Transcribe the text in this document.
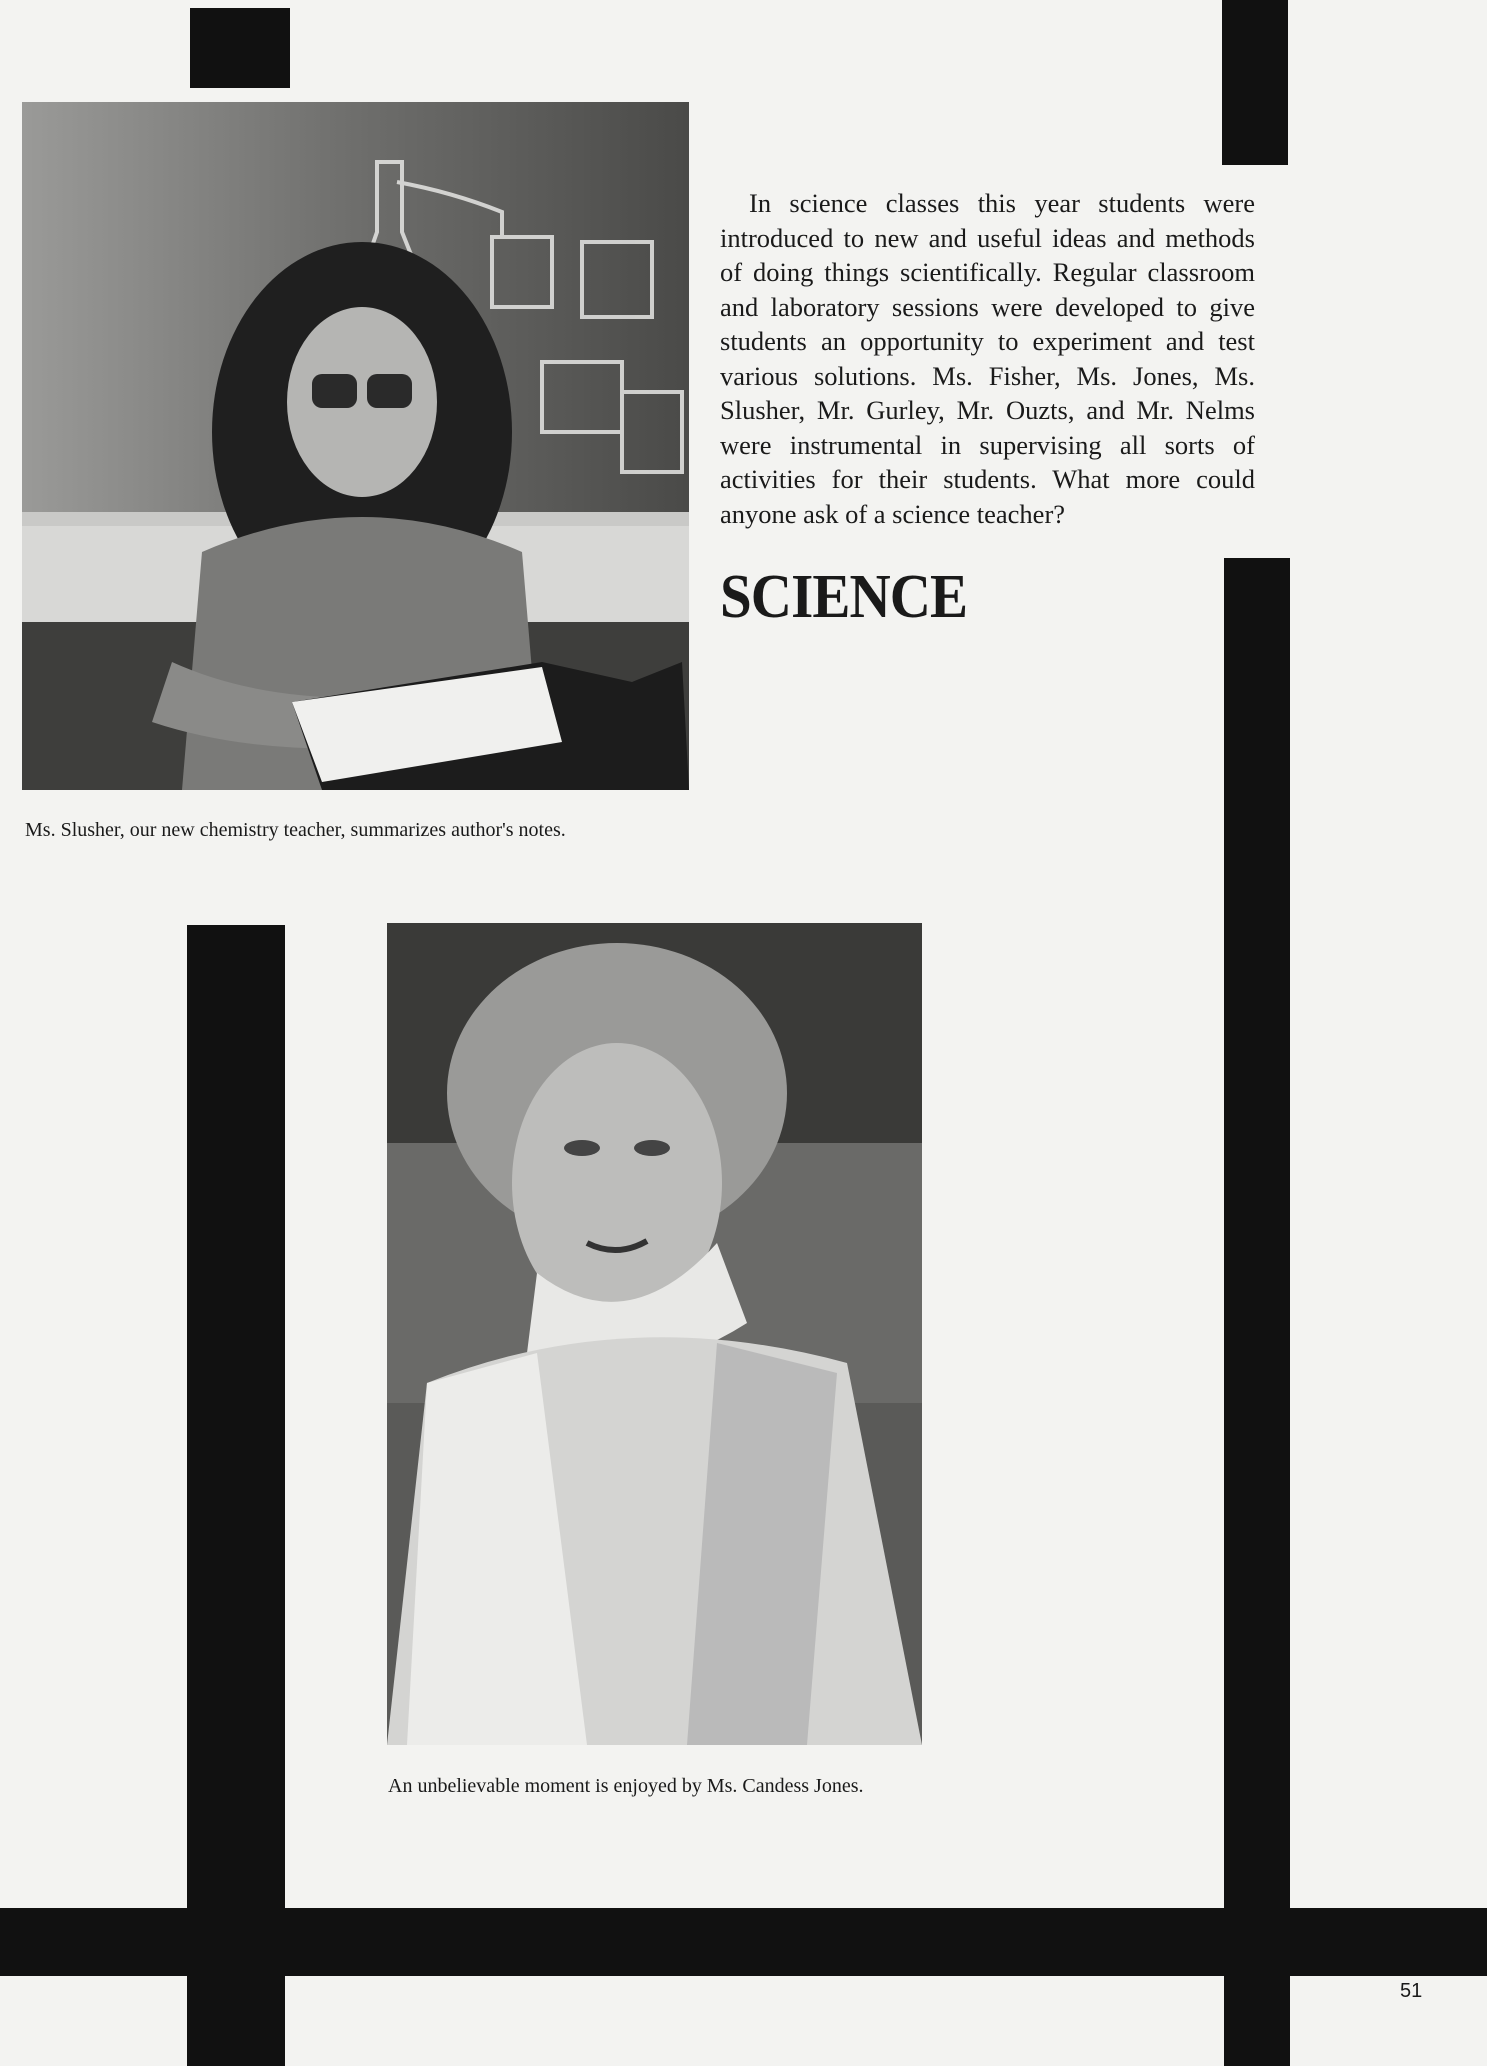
Ms. Slusher, our new chemistry teacher, summarizes author's notes.

In science classes this year students were introduced to new and useful ideas and methods of doing things scientifically. Regular classroom and laboratory sessions were developed to give students an opportunity to experiment and test various solutions. Ms. Fisher, Ms. Jones, Ms. Slusher, Mr. Gurley, Mr. Ouzts, and Mr. Nelms were instrumental in supervising all sorts of activities for their students. What more could anyone ask of a science teacher?

SCIENCE

An unbelievable moment is enjoyed by Ms. Candess Jones.

51
